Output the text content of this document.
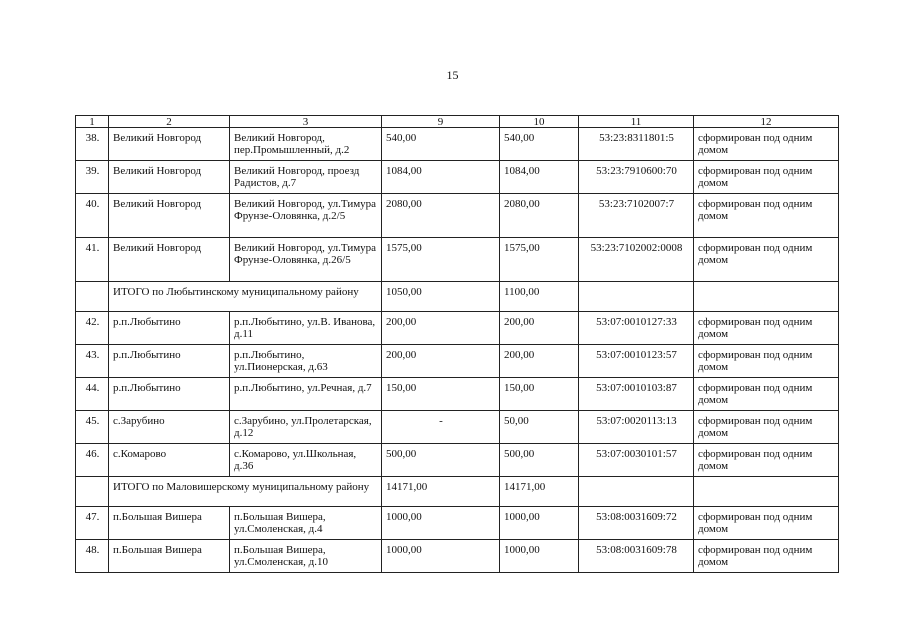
15
1	2	3	9	10	11	12
38.	Великий Новгород	Великий Новгород, пер.Промышленный, д.2	540,00	540,00	53:23:8311801:5	сформирован под одним домом
39.	Великий Новгород	Великий Новгород, проезд Радистов, д.7	1084,00	1084,00	53:23:7910600:70	сформирован под одним домом
40.	Великий Новгород	Великий Новгород, ул.Тимура Фрунзе-Оловянка, д.2/5	2080,00	2080,00	53:23:7102007:7	сформирован под одним домом
41.	Великий Новгород	Великий Новгород, ул.Тимура Фрунзе-Оловянка, д.26/5	1575,00	1575,00	53:23:7102002:0008	сформирован под одним домом
	ИТОГО по Любытинскому муниципальному району		1050,00	1100,00		
42.	р.п.Любытино	р.п.Любытино, ул.В. Иванова, д.11	200,00	200,00	53:07:0010127:33	сформирован под одним домом
43.	р.п.Любытино	р.п.Любытино, ул.Пионерская, д.63	200,00	200,00	53:07:0010123:57	сформирован под одним домом
44.	р.п.Любытино	р.п.Любытино, ул.Речная, д.7	150,00	150,00	53:07:0010103:87	сформирован под одним домом
45.	с.Зарубино	с.Зарубино, ул.Пролетарская, д.12	-	50,00	53:07:0020113:13	сформирован под одним домом
46.	с.Комарово	с.Комарово, ул.Школьная, д.36	500,00	500,00	53:07:0030101:57	сформирован под одним домом
	ИТОГО по Маловишерскому муниципальному району		14171,00	14171,00		
47.	п.Большая Вишера	п.Большая Вишера, ул.Смоленская, д.4	1000,00	1000,00	53:08:0031609:72	сформирован под одним домом
48.	п.Большая Вишера	п.Большая Вишера, ул.Смоленская, д.10	1000,00	1000,00	53:08:0031609:78	сформирован под одним домом
